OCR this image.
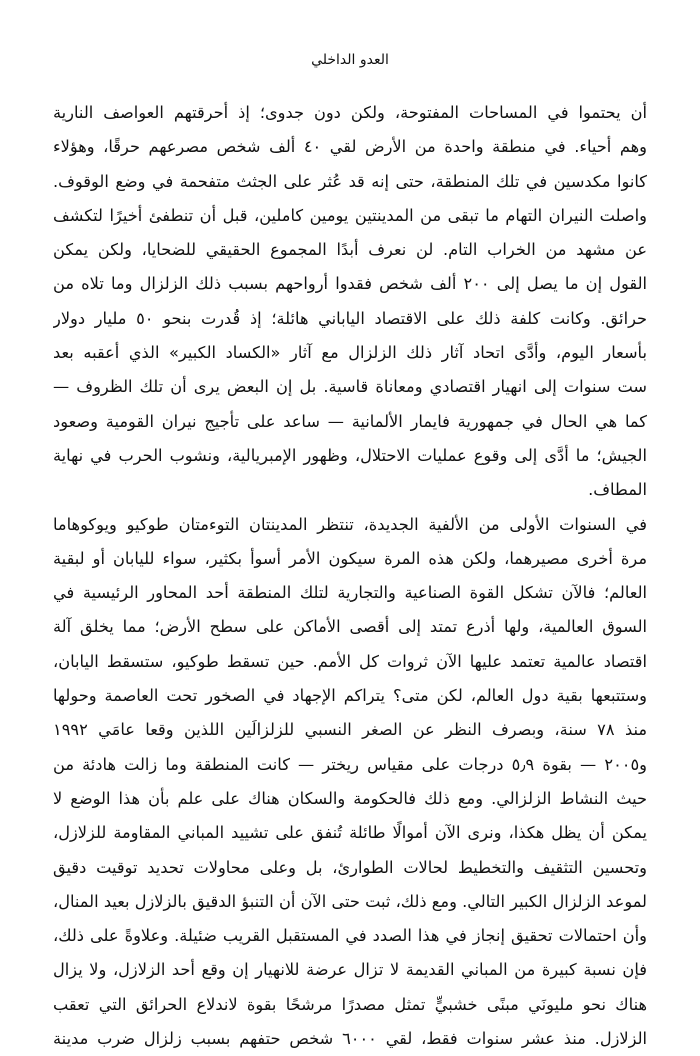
العدو الداخلي
أن يحتموا في المساحات المفتوحة، ولكن دون جدوى؛ إذ أحرقتهم العواصف النارية
وهم أحياء. في منطقة واحدة من الأرض لقي ٤٠ ألف شخص مصرعهم حرقًا، وهؤلاء
كانوا مكدسين في تلك المنطقة، حتى إنه قد عُثر على الجثث متفحمة في وضع الوقوف.
واصلت النيران التهام ما تبقى من المدينتين يومين كاملين، قبل أن تنطفئ أخيرًا لتكشف
عن مشهد من الخراب التام. لن نعرف أبدًا المجموع الحقيقي للضحايا، ولكن يمكن
القول إن ما يصل إلى ٢٠٠ ألف شخص فقدوا أرواحهم بسبب ذلك الزلزال وما تلاه من
حرائق. وكانت كلفة ذلك على الاقتصاد الياباني هائلة؛ إذ قُدرت بنحو ٥٠ مليار دولار
بأسعار اليوم، وأدَّى اتحاد آثار ذلك الزلزال مع آثار «الكساد الكبير» الذي أعقبه بعد
ست سنوات إلى انهيار اقتصادي ومعاناة قاسية. بل إن البعض يرى أن تلك الظروف —
كما هي الحال في جمهورية فايمار الألمانية — ساعد على تأجيج نيران القومية وصعود
الجيش؛ ما أدَّى إلى وقوع عمليات الاحتلال، وظهور الإمبريالية، ونشوب الحرب في نهاية
المطاف.
في السنوات الأولى من الألفية الجديدة، تنتظر المدينتان التوءمتان طوكيو ويوكوهاما
مرة أخرى مصيرهما، ولكن هذه المرة سيكون الأمر أسوأ بكثير، سواء لليابان أو لبقية
العالم؛ فالآن تشكل القوة الصناعية والتجارية لتلك المنطقة أحد المحاور الرئيسية في
السوق العالمية، ولها أذرع تمتد إلى أقصى الأماكن على سطح الأرض؛ مما يخلق آلة
اقتصاد عالمية تعتمد عليها الآن ثروات كل الأمم. حين تسقط طوكيو، ستسقط اليابان،
وستتبعها بقية دول العالم، لكن متى؟ يتراكم الإجهاد في الصخور تحت العاصمة وحولها
منذ ٧٨ سنة، وبصرف النظر عن الصغر النسبي للزلزالَين اللذين وقعا عامَي ١٩٩٢
و٢٠٠٥ — بقوة ٥٫٩ درجات على مقياس ريختر — كانت المنطقة وما زالت هادئة من
حيث النشاط الزلزالي. ومع ذلك فالحكومة والسكان هناك على علم بأن هذا الوضع لا
يمكن أن يظل هكذا، ونرى الآن أموالًا طائلة تُنفق على تشييد المباني المقاومة للزلازل،
وتحسين التثقيف والتخطيط لحالات الطوارئ، بل وعلى محاولات تحديد توقيت دقيق
لموعد الزلزال الكبير التالي. ومع ذلك، ثبت حتى الآن أن التنبؤ الدقيق بالزلازل بعيد المنال،
وأن احتمالات تحقيق إنجاز في هذا الصدد في المستقبل القريب ضئيلة. وعلاوةً على ذلك،
فإن نسبة كبيرة من المباني القديمة لا تزال عرضة للانهيار إن وقع أحد الزلازل، ولا يزال
هناك نحو مليونَي مبنًى خشبيٍّ تمثل مصدرًا مرشحًا بقوة لاندلاع الحرائق التي تعقب
الزلازل. منذ عشر سنوات فقط، لقي ٦٠٠٠ شخص حتفهم بسبب زلزال ضرب مدينة
